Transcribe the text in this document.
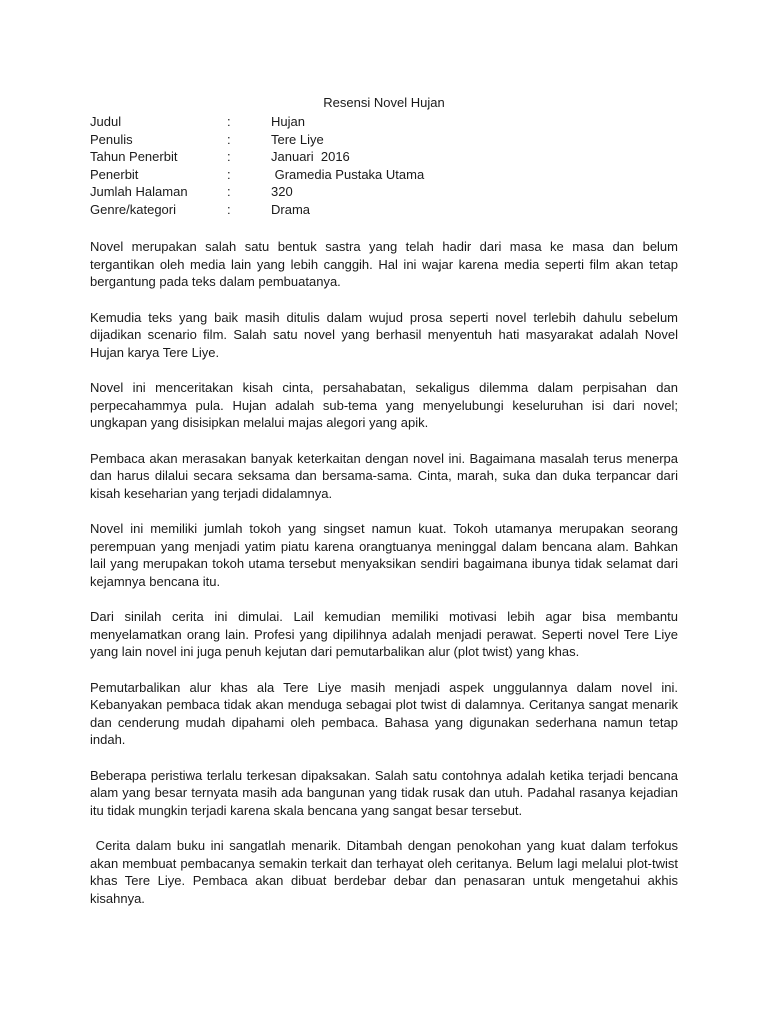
Resensi Novel Hujan
Judul	:	Hujan
Penulis	:	Tere Liye
Tahun Penerbit	:	Januari  2016
Penerbit	:	Gramedia Pustaka Utama
Jumlah Halaman	:	320
Genre/kategori	:	Drama

Novel merupakan salah satu bentuk sastra yang telah hadir dari masa ke masa dan belum tergantikan oleh media lain yang lebih canggih. Hal ini wajar karena media seperti film akan tetap bergantung pada teks dalam pembuatanya.

Kemudia teks yang baik masih ditulis dalam wujud prosa seperti novel terlebih dahulu sebelum dijadikan scenario film. Salah satu novel yang berhasil menyentuh hati masyarakat adalah Novel Hujan karya Tere Liye.

Novel ini menceritakan kisah cinta, persahabatan, sekaligus dilemma dalam perpisahan dan perpecahammya pula. Hujan adalah sub-tema yang menyelubungi keseluruhan isi dari novel; ungkapan yang disisipkan melalui majas alegori yang apik.

Pembaca akan merasakan banyak keterkaitan dengan novel ini. Bagaimana masalah terus menerpa dan harus dilalui secara seksama dan bersama-sama. Cinta, marah, suka dan duka terpancar dari kisah keseharian yang terjadi didalamnya.

Novel ini memiliki jumlah tokoh yang singset namun kuat. Tokoh utamanya merupakan seorang perempuan yang menjadi yatim piatu karena orangtuanya meninggal dalam bencana alam. Bahkan lail yang merupakan tokoh utama tersebut menyaksikan sendiri bagaimana ibunya tidak selamat dari kejamnya bencana itu.

Dari sinilah cerita ini dimulai. Lail kemudian memiliki motivasi lebih agar bisa membantu menyelamatkan orang lain. Profesi yang dipilihnya adalah menjadi perawat. Seperti novel Tere Liye yang lain novel ini juga penuh kejutan dari pemutarbalikan alur (plot twist) yang khas.

Pemutarbalikan alur khas ala Tere Liye masih menjadi aspek unggulannya dalam novel ini. Kebanyakan pembaca tidak akan menduga sebagai plot twist di dalamnya. Ceritanya sangat menarik dan cenderung mudah dipahami oleh pembaca. Bahasa yang digunakan sederhana namun tetap indah.

Beberapa peristiwa terlalu terkesan dipaksakan. Salah satu contohnya adalah ketika terjadi bencana alam yang besar ternyata masih ada bangunan yang tidak rusak dan utuh. Padahal rasanya kejadian itu tidak mungkin terjadi karena skala bencana yang sangat besar tersebut.

Cerita dalam buku ini sangatlah menarik. Ditambah dengan penokohan yang kuat dalam terfokus akan membuat pembacanya semakin terkait dan terhayat oleh ceritanya. Belum lagi melalui plot-twist khas Tere Liye. Pembaca akan dibuat berdebar debar dan penasaran untuk mengetahui akhis kisahnya.
